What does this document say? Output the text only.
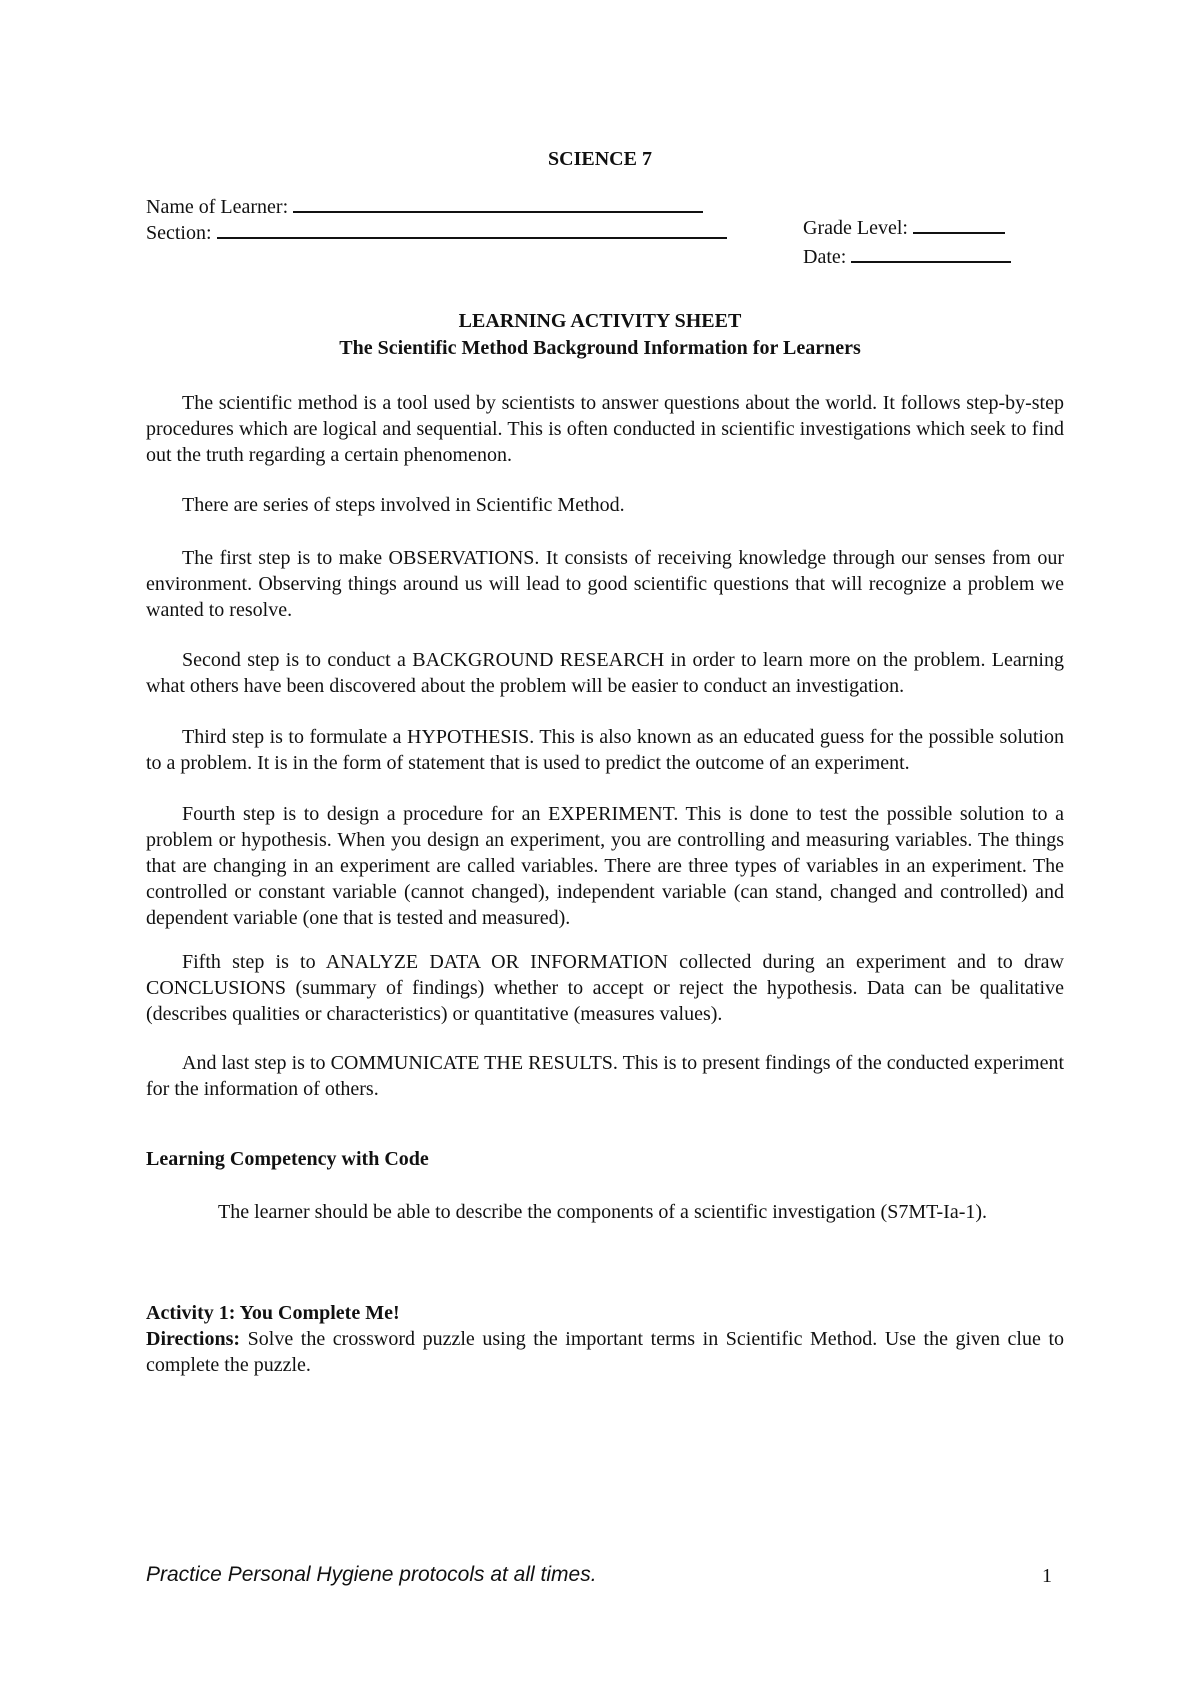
SCIENCE 7
Name of Learner:
Section:	Grade Level:
Date:
LEARNING ACTIVITY SHEET
The Scientific Method Background Information for Learners
The scientific method is a tool used by scientists to answer questions about the world. It follows step-by-step procedures which are logical and sequential. This is often conducted in scientific investigations which seek to find out the truth regarding a certain phenomenon.
There are series of steps involved in Scientific Method.
The first step is to make OBSERVATIONS. It consists of receiving knowledge through our senses from our environment. Observing things around us will lead to good scientific questions that will recognize a problem we wanted to resolve.
Second step is to conduct a BACKGROUND RESEARCH in order to learn more on the problem. Learning what others have been discovered about the problem will be easier to conduct an investigation.
Third step is to formulate a HYPOTHESIS. This is also known as an educated guess for the possible solution to a problem. It is in the form of statement that is used to predict the outcome of an experiment.
Fourth step is to design a procedure for an EXPERIMENT. This is done to test the possible solution to a problem or hypothesis. When you design an experiment, you are controlling and measuring variables. The things that are changing in an experiment are called variables. There are three types of variables in an experiment. The controlled or constant variable (cannot changed), independent variable (can stand, changed and controlled) and dependent variable (one that is tested and measured).
Fifth step is to ANALYZE DATA OR INFORMATION collected during an experiment and to draw CONCLUSIONS (summary of findings) whether to accept or reject the hypothesis. Data can be qualitative (describes qualities or characteristics) or quantitative (measures values).
And last step is to COMMUNICATE THE RESULTS. This is to present findings of the conducted experiment for the information of others.
Learning Competency with Code
The learner should be able to describe the components of a scientific investigation (S7MT-Ia-1).
Activity 1: You Complete Me!
Directions: Solve the crossword puzzle using the important terms in Scientific Method. Use the given clue to complete the puzzle.
Practice Personal Hygiene protocols at all times.	1
